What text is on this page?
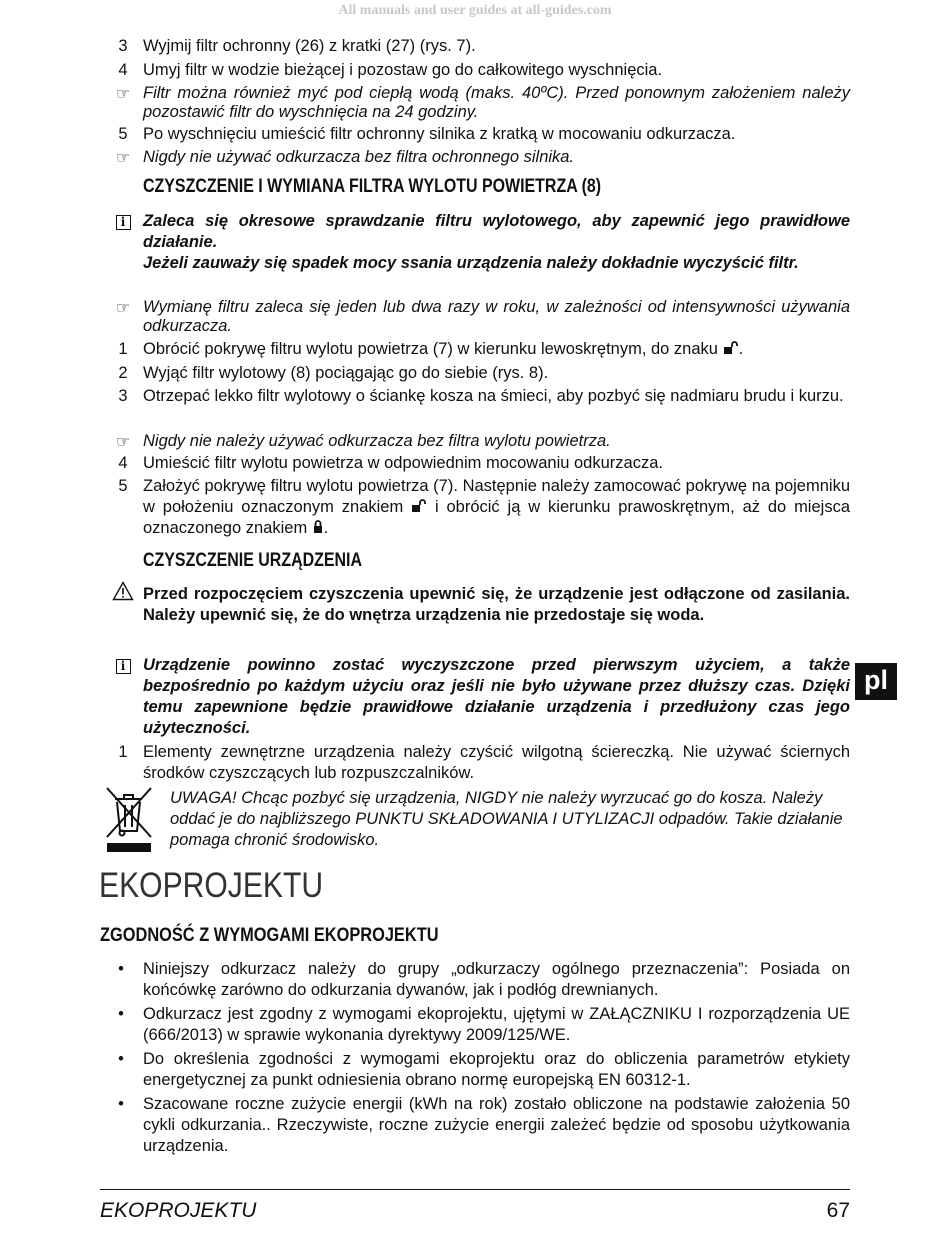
All manuals and user guides at all-guides.com
3 Wyjmij filtr ochronny (26) z kratki (27) (rys. 7).
4 Umyj filtr w wodzie bieżącej i pozostaw go do całkowitego wyschnięcia.
☞ Filtr można również myć pod ciepłą wodą (maks. 40ºC). Przed ponownym założeniem należy pozostawić filtr do wyschnięcia na 24 godziny.
5 Po wyschnięciu umieścić filtr ochronny silnika z kratką w mocowaniu odkurzacza.
☞ Nigdy nie używać odkurzacza bez filtra ochronnego silnika.
CZYSZCZENIE I WYMIANA FILTRA WYLOTU POWIETRZA (8)
i	Zaleca się okresowe sprawdzanie filtru wylotowego, aby zapewnić jego prawidłowe działanie.
Jeżeli zauważy się spadek mocy ssania urządzenia należy dokładnie wyczyścić filtr.
☞ Wymianę filtru zaleca się jeden lub dwa razy w roku, w zależności od intensywności używania odkurzacza.
1 Obrócić pokrywę filtru wylotu powietrza (7) w kierunku lewoskrętnym, do znaku .
2 Wyjąć filtr wylotowy (8) pociągając go do siebie (rys. 8).
3 Otrzepać lekko filtr wylotowy o ściankę kosza na śmieci, aby pozbyć się nadmiaru brudu i kurzu.
☞ Nigdy nie należy używać odkurzacza bez filtra wylotu powietrza.
4 Umieścić filtr wylotu powietrza w odpowiednim mocowaniu odkurzacza.
5 Założyć pokrywę filtru wylotu powietrza (7). Następnie należy zamocować pokrywę na pojemniku w położeniu oznaczonym znakiem i obrócić ją w kierunku prawoskrętnym, aż do miejsca oznaczonego znakiem .
CZYSZCZENIE URZĄDZENIA
Przed rozpoczęciem czyszczenia upewnić się, że urządzenie jest odłączone od zasilania. Należy upewnić się, że do wnętrza urządzenia nie przedostaje się woda.
i	Urządzenie powinno zostać wyczyszczone przed pierwszym użyciem, a także bezpośrednio po każdym użyciu oraz jeśli nie było używane przez dłuższy czas. Dzięki temu zapewnione będzie prawidłowe działanie urządzenia i przedłużony czas jego użyteczności.
1 Elementy zewnętrzne urządzenia należy czyścić wilgotną ściereczką. Nie używać ściernych środków czyszczących lub rozpuszczalników.
UWAGA! Chcąc pozbyć się urządzenia, NIGDY nie należy wyrzucać go do kosza. Należy oddać je do najbliższego PUNKTU SKŁADOWANIA I UTYLIZACJI odpadów. Takie działanie pomaga chronić środowisko.
pl
EKOPROJEKTU
ZGODNOŚĆ Z WYMOGAMI EKOPROJEKTU
•	Niniejszy odkurzacz należy do grupy „odkurzaczy ogólnego przeznaczenia”: Posiada on końcówkę zarówno do odkurzania dywanów, jak i podłóg drewnianych.
•	Odkurzacz jest zgodny z wymogami ekoprojektu, ujętymi w ZAŁĄCZNIKU I rozporządzenia UE (666/2013) w sprawie wykonania dyrektywy 2009/125/WE.
•	Do określenia zgodności z wymogami ekoprojektu oraz do obliczenia parametrów etykiety energetycznej za punkt odniesienia obrano normę europejską EN 60312-1.
•	Szacowane roczne zużycie energii (kWh na rok) zostało obliczone na podstawie założenia 50 cykli odkurzania.. Rzeczywiste, roczne zużycie energii zależeć będzie od sposobu użytkowania urządzenia.
EKOPROJEKTU	67
